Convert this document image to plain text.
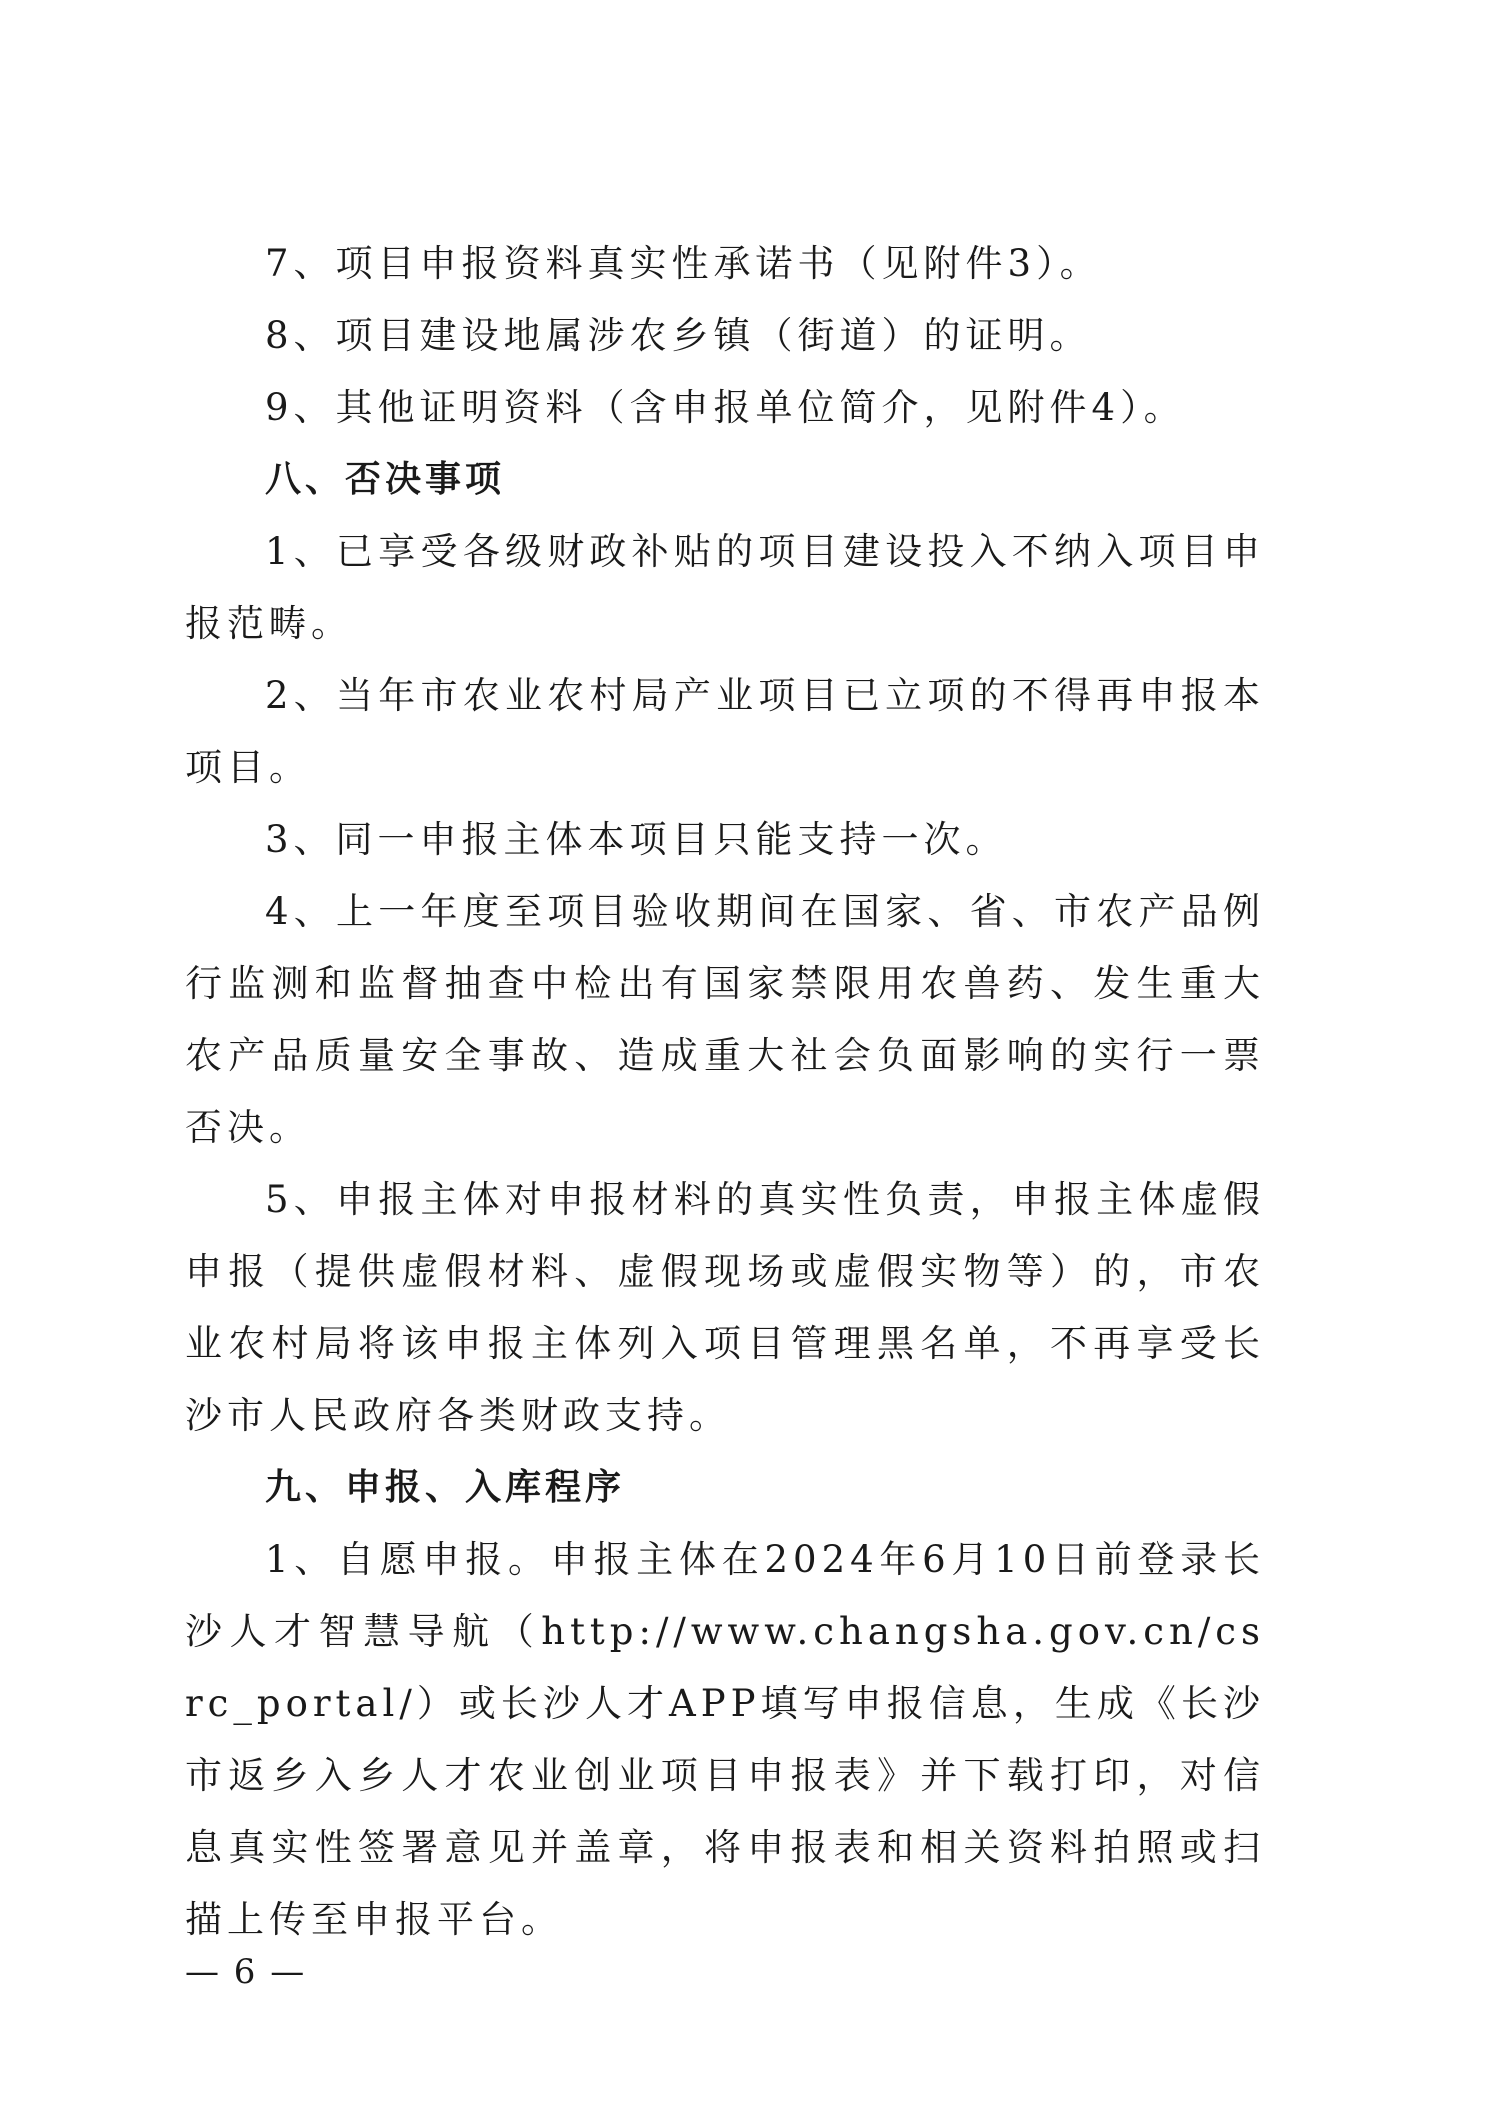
7、项目申报资料真实性承诺书（见附件3）。

8、项目建设地属涉农乡镇（街道）的证明。

9、其他证明资料（含申报单位简介，见附件4）。

八、否决事项

1、已享受各级财政补贴的项目建设投入不纳入项目申报范畴。

2、当年市农业农村局产业项目已立项的不得再申报本项目。

3、同一申报主体本项目只能支持一次。

4、上一年度至项目验收期间在国家、省、市农产品例行监测和监督抽查中检出有国家禁限用农兽药、发生重大农产品质量安全事故、造成重大社会负面影响的实行一票否决。

5、申报主体对申报材料的真实性负责，申报主体虚假申报（提供虚假材料、虚假现场或虚假实物等）的，市农业农村局将该申报主体列入项目管理黑名单，不再享受长沙市人民政府各类财政支持。

九、申报、入库程序

1、自愿申报。申报主体在2024年6月10日前登录长沙人才智慧导航（http://www.changsha.gov.cn/csrc_portal/）或长沙人才APP填写申报信息，生成《长沙市返乡入乡人才农业创业项目申报表》并下载打印，对信息真实性签署意见并盖章，将申报表和相关资料拍照或扫描上传至申报平台。

— 6 —
